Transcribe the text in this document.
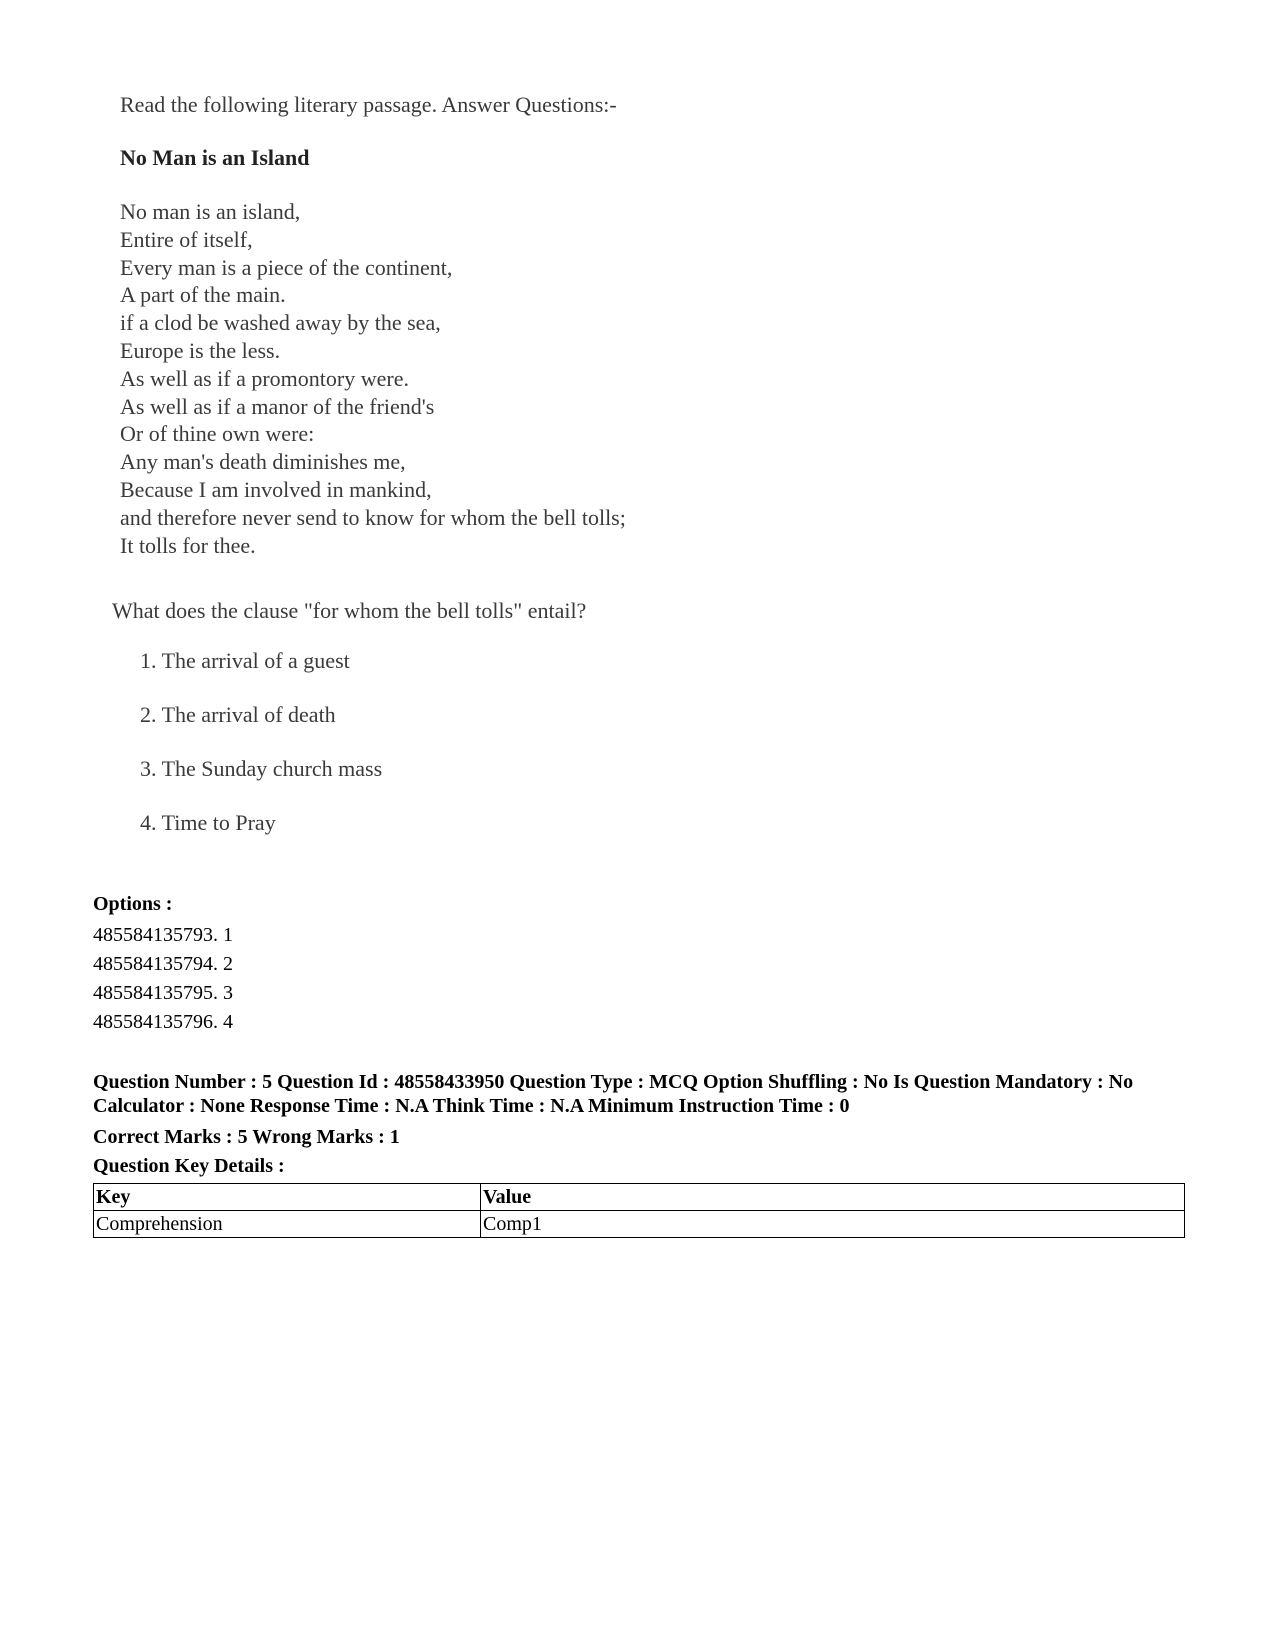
Read the following literary passage. Answer Questions:-
No Man is an Island
No man is an island,
Entire of itself,
Every man is a piece of the continent,
A part of the main.
if a clod be washed away by the sea,
Europe is the less.
As well as if a promontory were.
As well as if a manor of the friend's
Or of thine own were:
Any man's death diminishes me,
Because I am involved in mankind,
and therefore never send to know for whom the bell tolls;
It tolls for thee.
What does the clause "for whom the bell tolls" entail?
1. The arrival of a guest
2. The arrival of death
3. The Sunday church mass
4. Time to Pray
Options :
485584135793. 1
485584135794. 2
485584135795. 3
485584135796. 4
Question Number : 5 Question Id : 48558433950 Question Type : MCQ Option Shuffling : No Is Question Mandatory : No Calculator : None Response Time : N.A Think Time : N.A Minimum Instruction Time : 0
Correct Marks : 5 Wrong Marks : 1
Question Key Details :
Key	Value
Comprehension	Comp1
